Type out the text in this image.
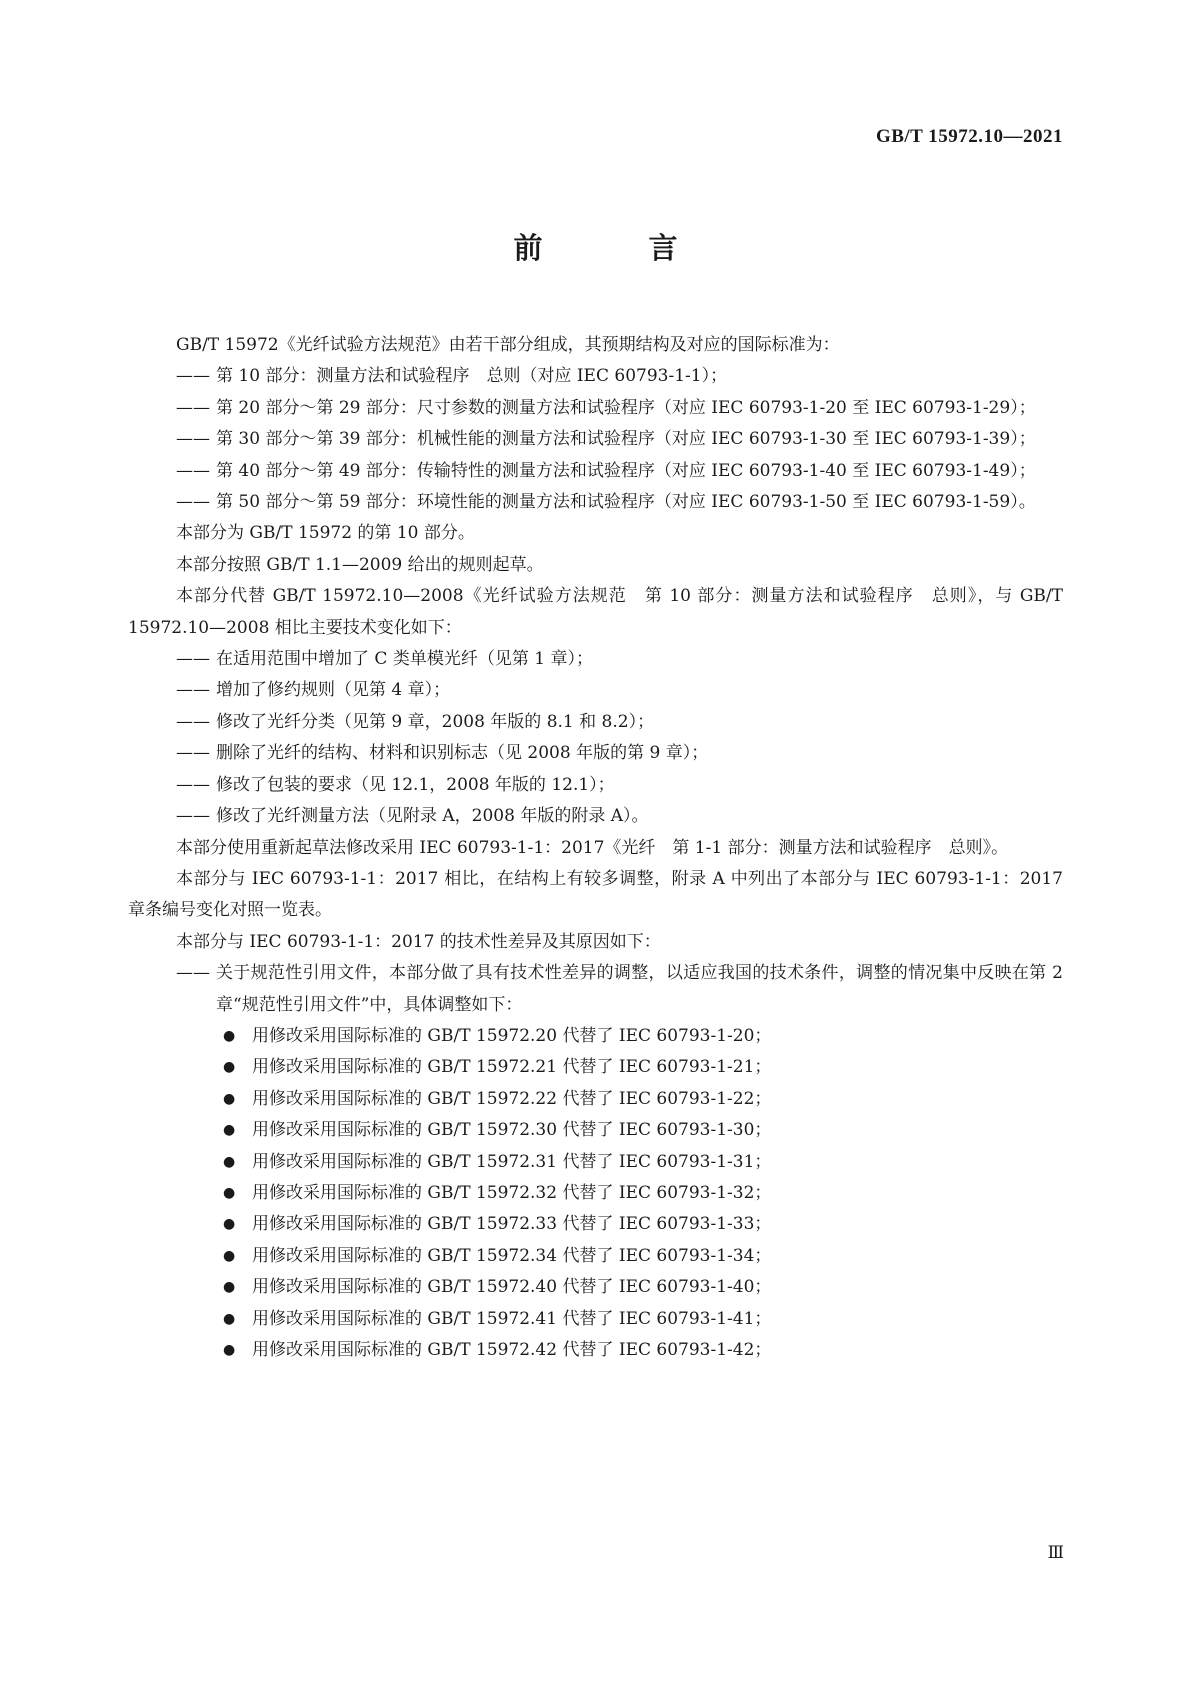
GB/T 15972.10—2021
前 言

GB/T 15972《光纤试验方法规范》由若干部分组成，其预期结构及对应的国际标准为：

—— 第 10 部分：测量方法和试验程序　总则（对应 IEC 60793-1-1）；

—— 第 20 部分～第 29 部分：尺寸参数的测量方法和试验程序（对应 IEC 60793-1-20 至 IEC 60793-1-29）；

—— 第 30 部分～第 39 部分：机械性能的测量方法和试验程序（对应 IEC 60793-1-30 至 IEC 60793-1-39）；

—— 第 40 部分～第 49 部分：传输特性的测量方法和试验程序（对应 IEC 60793-1-40 至 IEC 60793-1-49）；

—— 第 50 部分～第 59 部分：环境性能的测量方法和试验程序（对应 IEC 60793-1-50 至 IEC 60793-1-59）。

本部分为 GB/T 15972 的第 10 部分。

本部分按照 GB/T 1.1—2009 给出的规则起草。

本部分代替 GB/T 15972.10—2008《光纤试验方法规范　第 10 部分：测量方法和试验程序　总则》，与 GB/T 15972.10—2008 相比主要技术变化如下：

—— 在适用范围中增加了 C 类单模光纤（见第 1 章）；

—— 增加了修约规则（见第 4 章）；

—— 修改了光纤分类（见第 9 章，2008 年版的 8.1 和 8.2）；

—— 删除了光纤的结构、材料和识别标志（见 2008 年版的第 9 章）；

—— 修改了包装的要求（见 12.1，2008 年版的 12.1）；

—— 修改了光纤测量方法（见附录 A，2008 年版的附录 A）。

本部分使用重新起草法修改采用 IEC 60793-1-1：2017《光纤　第 1-1 部分：测量方法和试验程序　总则》。

本部分与 IEC 60793-1-1：2017 相比，在结构上有较多调整，附录 A 中列出了本部分与 IEC 60793-1-1：2017 章条编号变化对照一览表。

本部分与 IEC 60793-1-1：2017 的技术性差异及其原因如下：

—— 关于规范性引用文件，本部分做了具有技术性差异的调整，以适应我国的技术条件，调整的情况集中反映在第 2 章“规范性引用文件”中，具体调整如下：

● 用修改采用国际标准的 GB/T 15972.20 代替了 IEC 60793-1-20；

● 用修改采用国际标准的 GB/T 15972.21 代替了 IEC 60793-1-21；

● 用修改采用国际标准的 GB/T 15972.22 代替了 IEC 60793-1-22；

● 用修改采用国际标准的 GB/T 15972.30 代替了 IEC 60793-1-30；

● 用修改采用国际标准的 GB/T 15972.31 代替了 IEC 60793-1-31；

● 用修改采用国际标准的 GB/T 15972.32 代替了 IEC 60793-1-32；

● 用修改采用国际标准的 GB/T 15972.33 代替了 IEC 60793-1-33；

● 用修改采用国际标准的 GB/T 15972.34 代替了 IEC 60793-1-34；

● 用修改采用国际标准的 GB/T 15972.40 代替了 IEC 60793-1-40；

● 用修改采用国际标准的 GB/T 15972.41 代替了 IEC 60793-1-41；

● 用修改采用国际标准的 GB/T 15972.42 代替了 IEC 60793-1-42；

Ⅲ
